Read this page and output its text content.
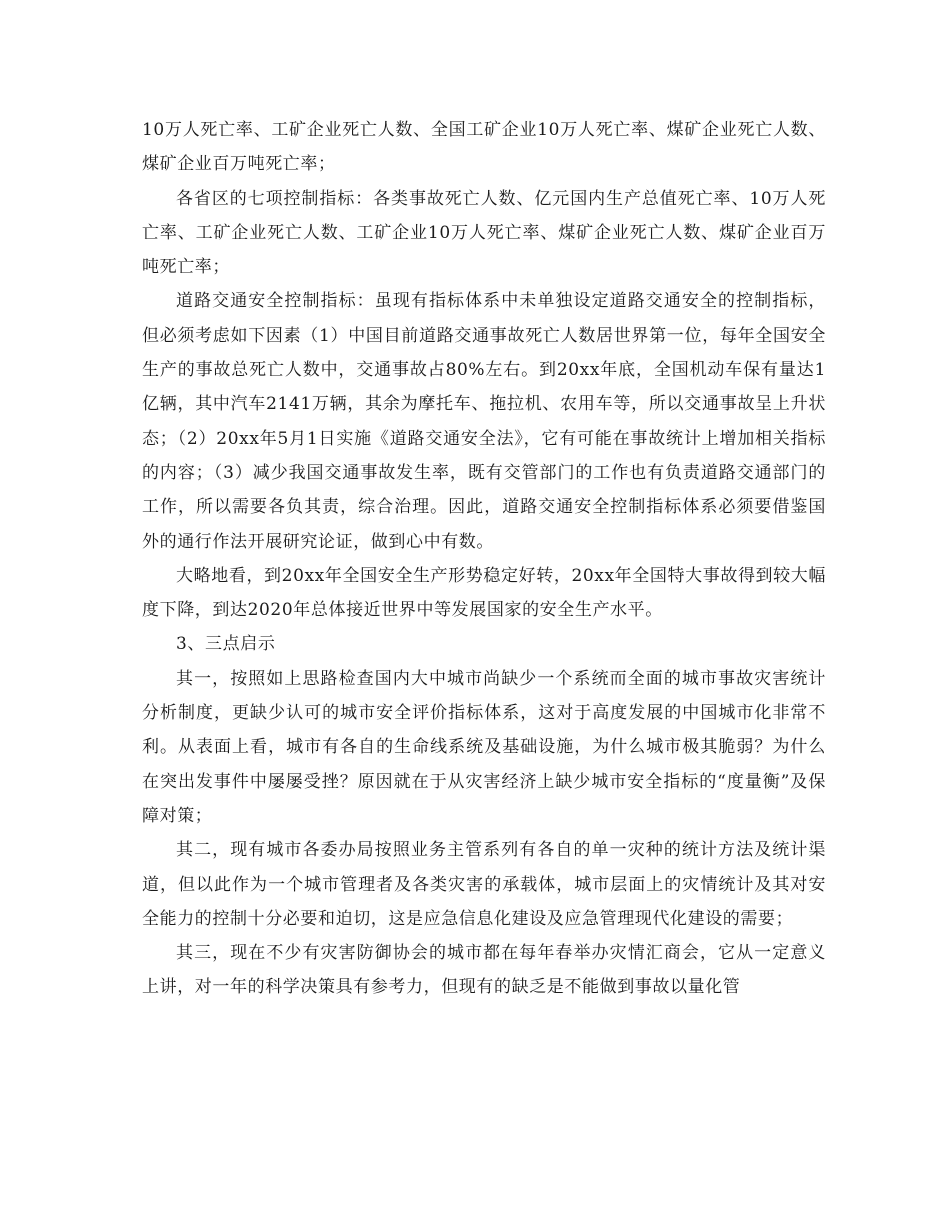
10万人死亡率、工矿企业死亡人数、全国工矿企业10万人死亡率、煤矿企业死亡人数、煤矿企业百万吨死亡率；

各省区的七项控制指标：各类事故死亡人数、亿元国内生产总值死亡率、10万人死亡率、工矿企业死亡人数、工矿企业10万人死亡率、煤矿企业死亡人数、煤矿企业百万吨死亡率；

道路交通安全控制指标：虽现有指标体系中未单独设定道路交通安全的控制指标，但必须考虑如下因素（1）中国目前道路交通事故死亡人数居世界第一位，每年全国安全生产的事故总死亡人数中，交通事故占80%左右。到20xx年底，全国机动车保有量达1亿辆，其中汽车2141万辆，其余为摩托车、拖拉机、农用车等，所以交通事故呈上升状态；（2）20xx年5月1日实施《道路交通安全法》，它有可能在事故统计上增加相关指标的内容；（3）减少我国交通事故发生率，既有交管部门的工作也有负责道路交通部门的工作，所以需要各负其责，综合治理。因此，道路交通安全控制指标体系必须要借鉴国外的通行作法开展研究论证，做到心中有数。

大略地看，到20xx年全国安全生产形势稳定好转，20xx年全国特大事故得到较大幅度下降，到达2020年总体接近世界中等发展国家的安全生产水平。

3、三点启示

其一，按照如上思路检查国内大中城市尚缺少一个系统而全面的城市事故灾害统计分析制度，更缺少认可的城市安全评价指标体系，这对于高度发展的中国城市化非常不利。从表面上看，城市有各自的生命线系统及基础设施，为什么城市极其脆弱？为什么在突出发事件中屡屡受挫？原因就在于从灾害经济上缺少城市安全指标的“度量衡”及保障对策；

其二，现有城市各委办局按照业务主管系列有各自的单一灾种的统计方法及统计渠道，但以此作为一个城市管理者及各类灾害的承载体，城市层面上的灾情统计及其对安全能力的控制十分必要和迫切，这是应急信息化建设及应急管理现代化建设的需要；

其三，现在不少有灾害防御协会的城市都在每年春举办灾情汇商会，它从一定意义上讲，对一年的科学决策具有参考力，但现有的缺乏是不能做到事故以量化管
